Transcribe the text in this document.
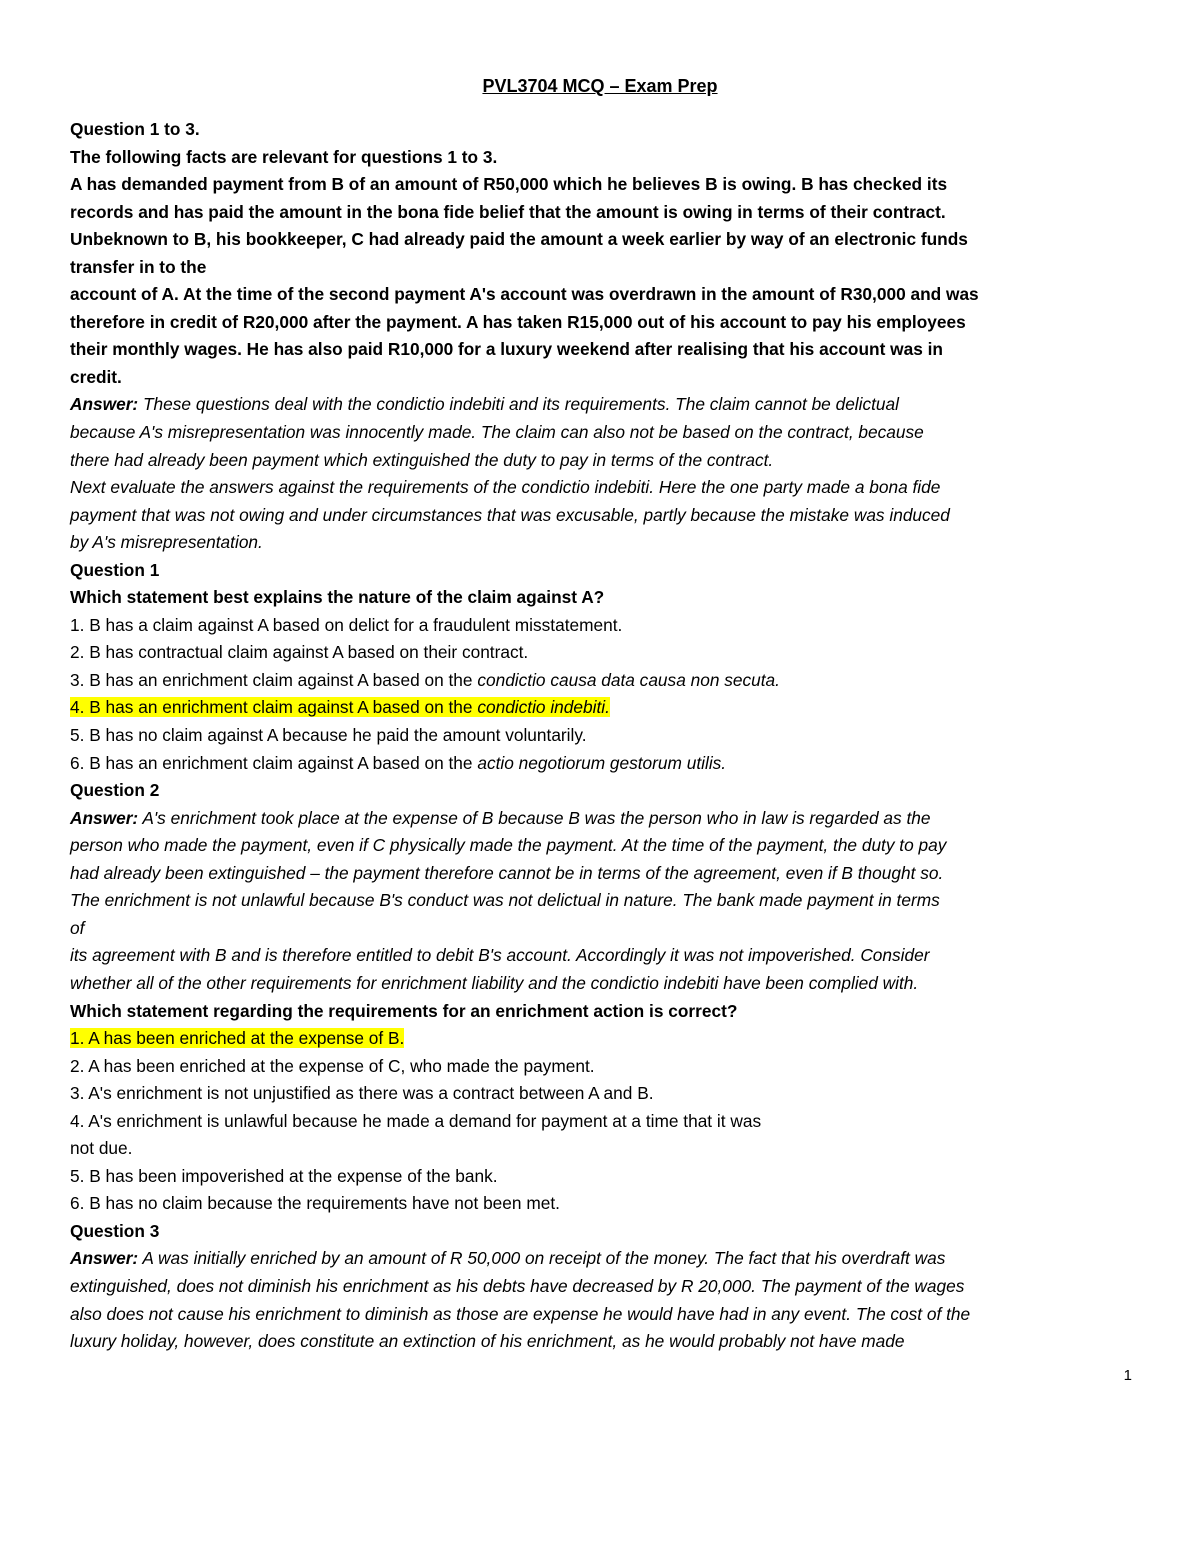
PVL3704 MCQ – Exam Prep
Question 1 to 3.
The following facts are relevant for questions 1 to 3.
A has demanded payment from B of an amount of R50,000 which he believes B is owing. B has checked its
records and has paid the amount in the bona fide belief that the amount is owing in terms of their contract.
Unbeknown to B, his bookkeeper, C had already paid the amount a week earlier by way of an electronic funds
transfer in to the
account of A. At the time of the second payment A's account was overdrawn in the amount of R30,000 and was
therefore in credit of R20,000 after the payment. A has taken R15,000 out of his account to pay his employees
their monthly wages. He has also paid R10,000 for a luxury weekend after realising that his account was in
credit.
Answer: These questions deal with the condictio indebiti and its requirements. The claim cannot be delictual
because A's misrepresentation was innocently made. The claim can also not be based on the contract, because
there had already been payment which extinguished the duty to pay in terms of the contract.
Next evaluate the answers against the requirements of the condictio indebiti. Here the one party made a bona fide
payment that was not owing and under circumstances that was excusable, partly because the mistake was induced
by A's misrepresentation.
Question 1
Which statement best explains the nature of the claim against A?
1. B has a claim against A based on delict for a fraudulent misstatement.
2. B has contractual claim against A based on their contract.
3. B has an enrichment claim against A based on the condictio causa data causa non secuta.
4. B has an enrichment claim against A based on the condictio indebiti.
5. B has no claim against A because he paid the amount voluntarily.
6. B has an enrichment claim against A based on the actio negotiorum gestorum utilis.
Question 2
Answer: A's enrichment took place at the expense of B because B was the person who in law is regarded as the
person who made the payment, even if C physically made the payment. At the time of the payment, the duty to pay
had already been extinguished – the payment therefore cannot be in terms of the agreement, even if B thought so.
The enrichment is not unlawful because B's conduct was not delictual in nature. The bank made payment in terms
of
its agreement with B and is therefore entitled to debit B's account. Accordingly it was not impoverished. Consider
whether all of the other requirements for enrichment liability and the condictio indebiti have been complied with.
Which statement regarding the requirements for an enrichment action is correct?
1. A has been enriched at the expense of B.
2. A has been enriched at the expense of C, who made the payment.
3. A's enrichment is not unjustified as there was a contract between A and B.
4. A's enrichment is unlawful because he made a demand for payment at a time that it was
not due.
5. B has been impoverished at the expense of the bank.
6. B has no claim because the requirements have not been met.
Question 3
Answer: A was initially enriched by an amount of R 50,000 on receipt of the money. The fact that his overdraft was
extinguished, does not diminish his enrichment as his debts have decreased by R 20,000. The payment of the wages
also does not cause his enrichment to diminish as those are expense he would have had in any event. The cost of the
luxury holiday, however, does constitute an extinction of his enrichment, as he would probably not have made
1
